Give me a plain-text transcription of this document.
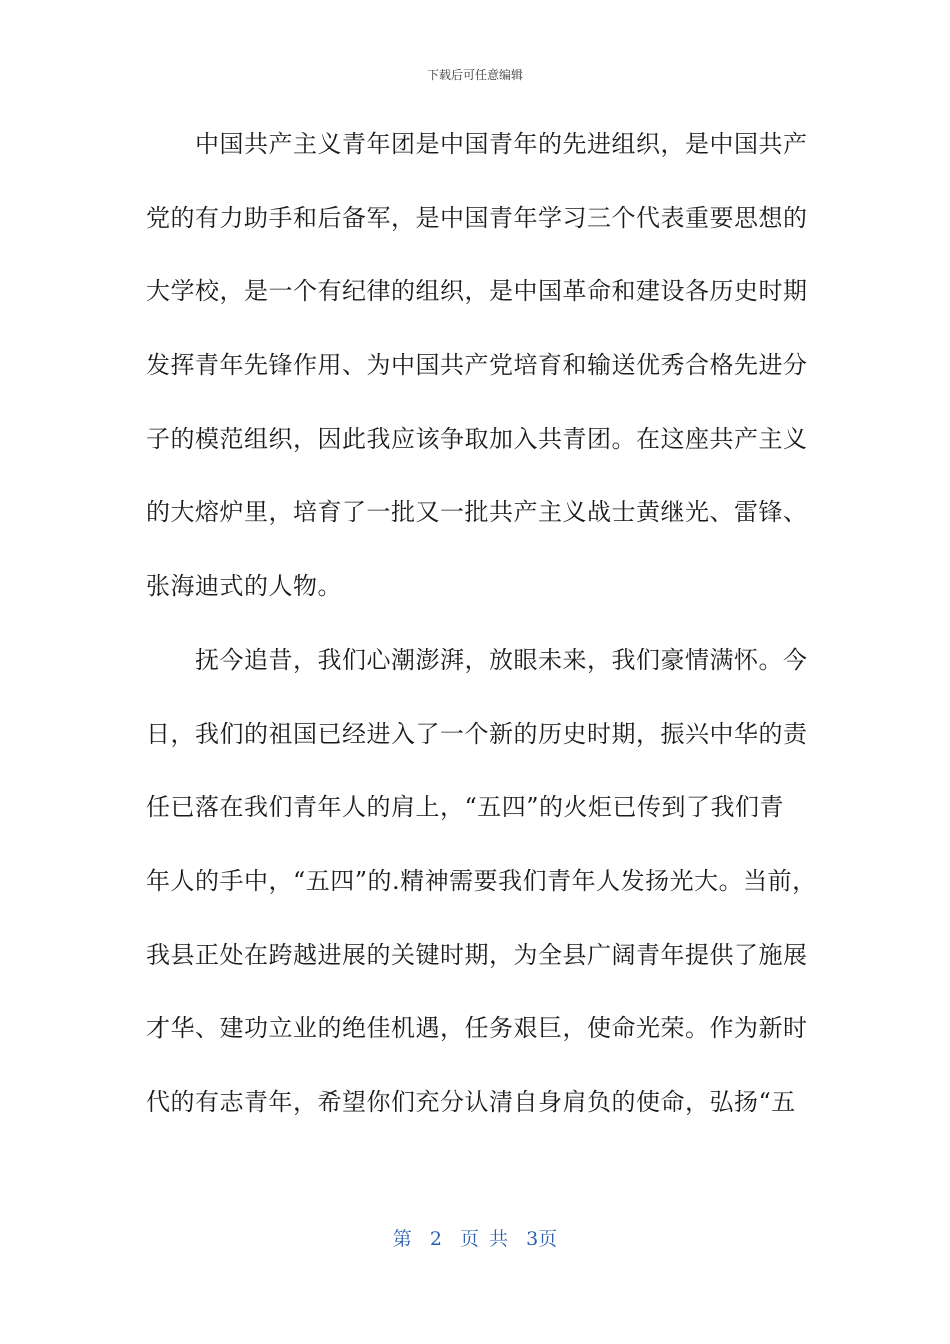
下载后可任意编辑
　　中国共产主义青年团是中国青年的先进组织，是中国共产
党的有力助手和后备军，是中国青年学习三个代表重要思想的
大学校，是一个有纪律的组织，是中国革命和建设各历史时期
发挥青年先锋作用、为中国共产党培育和输送优秀合格先进分
子的模范组织，因此我应该争取加入共青团。在这座共产主义
的大熔炉里，培育了一批又一批共产主义战士黄继光、雷锋、
张海迪式的人物。
　　抚今追昔，我们心潮澎湃，放眼未来，我们豪情满怀。今
日，我们的祖国已经进入了一个新的历史时期，振兴中华的责
任已落在我们青年人的肩上，“五四”的火炬已传到了我们青
年人的手中，“五四”的.精神需要我们青年人发扬光大。当前，
我县正处在跨越进展的关键时期，为全县广阔青年提供了施展
才华、建功立业的绝佳机遇，任务艰巨，使命光荣。作为新时
代的有志青年，希望你们充分认清自身肩负的使命，弘扬“五
第 2 页 共 3页
